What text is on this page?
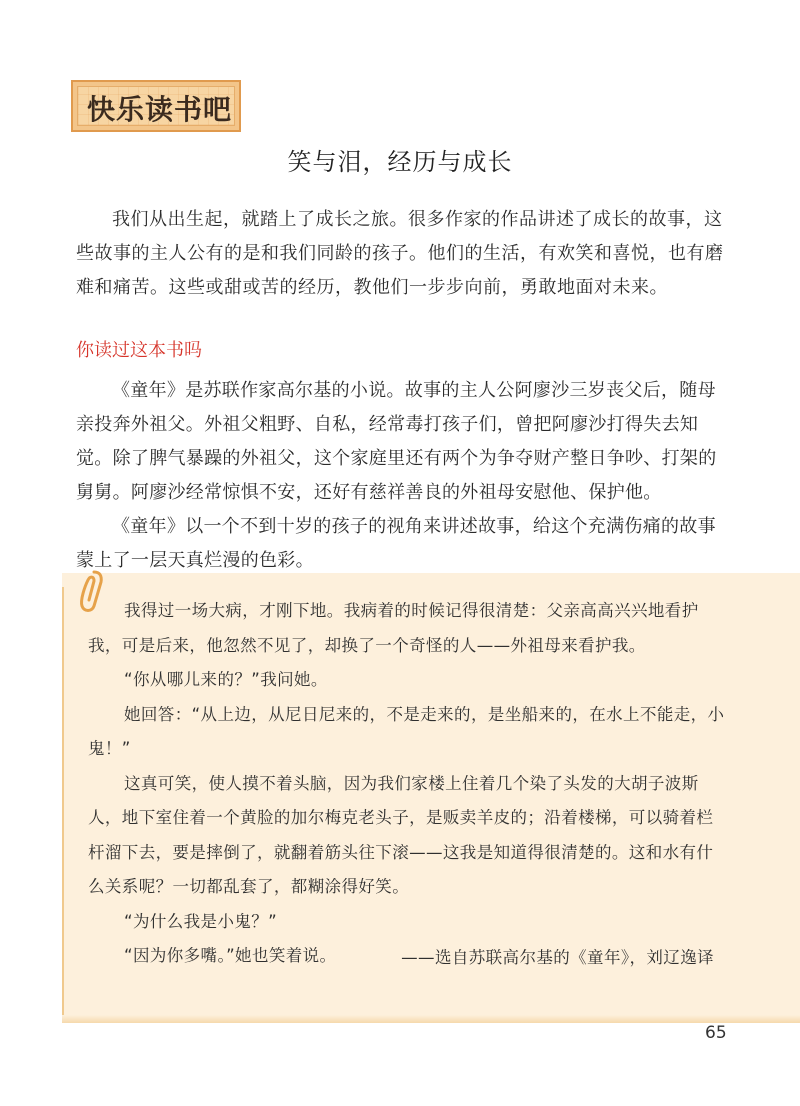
快乐读书吧
笑与泪，经历与成长

我们从出生起，就踏上了成长之旅。很多作家的作品讲述了成长的故事，这些故事的主人公有的是和我们同龄的孩子。他们的生活，有欢笑和喜悦，也有磨难和痛苦。这些或甜或苦的经历，教他们一步步向前，勇敢地面对未来。

你读过这本书吗

《童年》是苏联作家高尔基的小说。故事的主人公阿廖沙三岁丧父后，随母亲投奔外祖父。外祖父粗野、自私，经常毒打孩子们，曾把阿廖沙打得失去知觉。除了脾气暴躁的外祖父，这个家庭里还有两个为争夺财产整日争吵、打架的舅舅。阿廖沙经常惊惧不安，还好有慈祥善良的外祖母安慰他、保护他。

《童年》以一个不到十岁的孩子的视角来讲述故事，给这个充满伤痛的故事蒙上了一层天真烂漫的色彩。

我得过一场大病，才刚下地。我病着的时候记得很清楚：父亲高高兴兴地看护我，可是后来，他忽然不见了，却换了一个奇怪的人——外祖母来看护我。

“你从哪儿来的？”我问她。

她回答：“从上边，从尼日尼来的，不是走来的，是坐船来的，在水上不能走，小鬼！”

这真可笑，使人摸不着头脑，因为我们家楼上住着几个染了头发的大胡子波斯人，地下室住着一个黄脸的加尔梅克老头子，是贩卖羊皮的；沿着楼梯，可以骑着栏杆溜下去，要是摔倒了，就翻着筋头往下滚——这我是知道得很清楚的。这和水有什么关系呢？一切都乱套了，都糊涂得好笑。

“为什么我是小鬼？”

“因为你多嘴。”她也笑着说。	——选自苏联高尔基的《童年》，刘辽逸译
65
